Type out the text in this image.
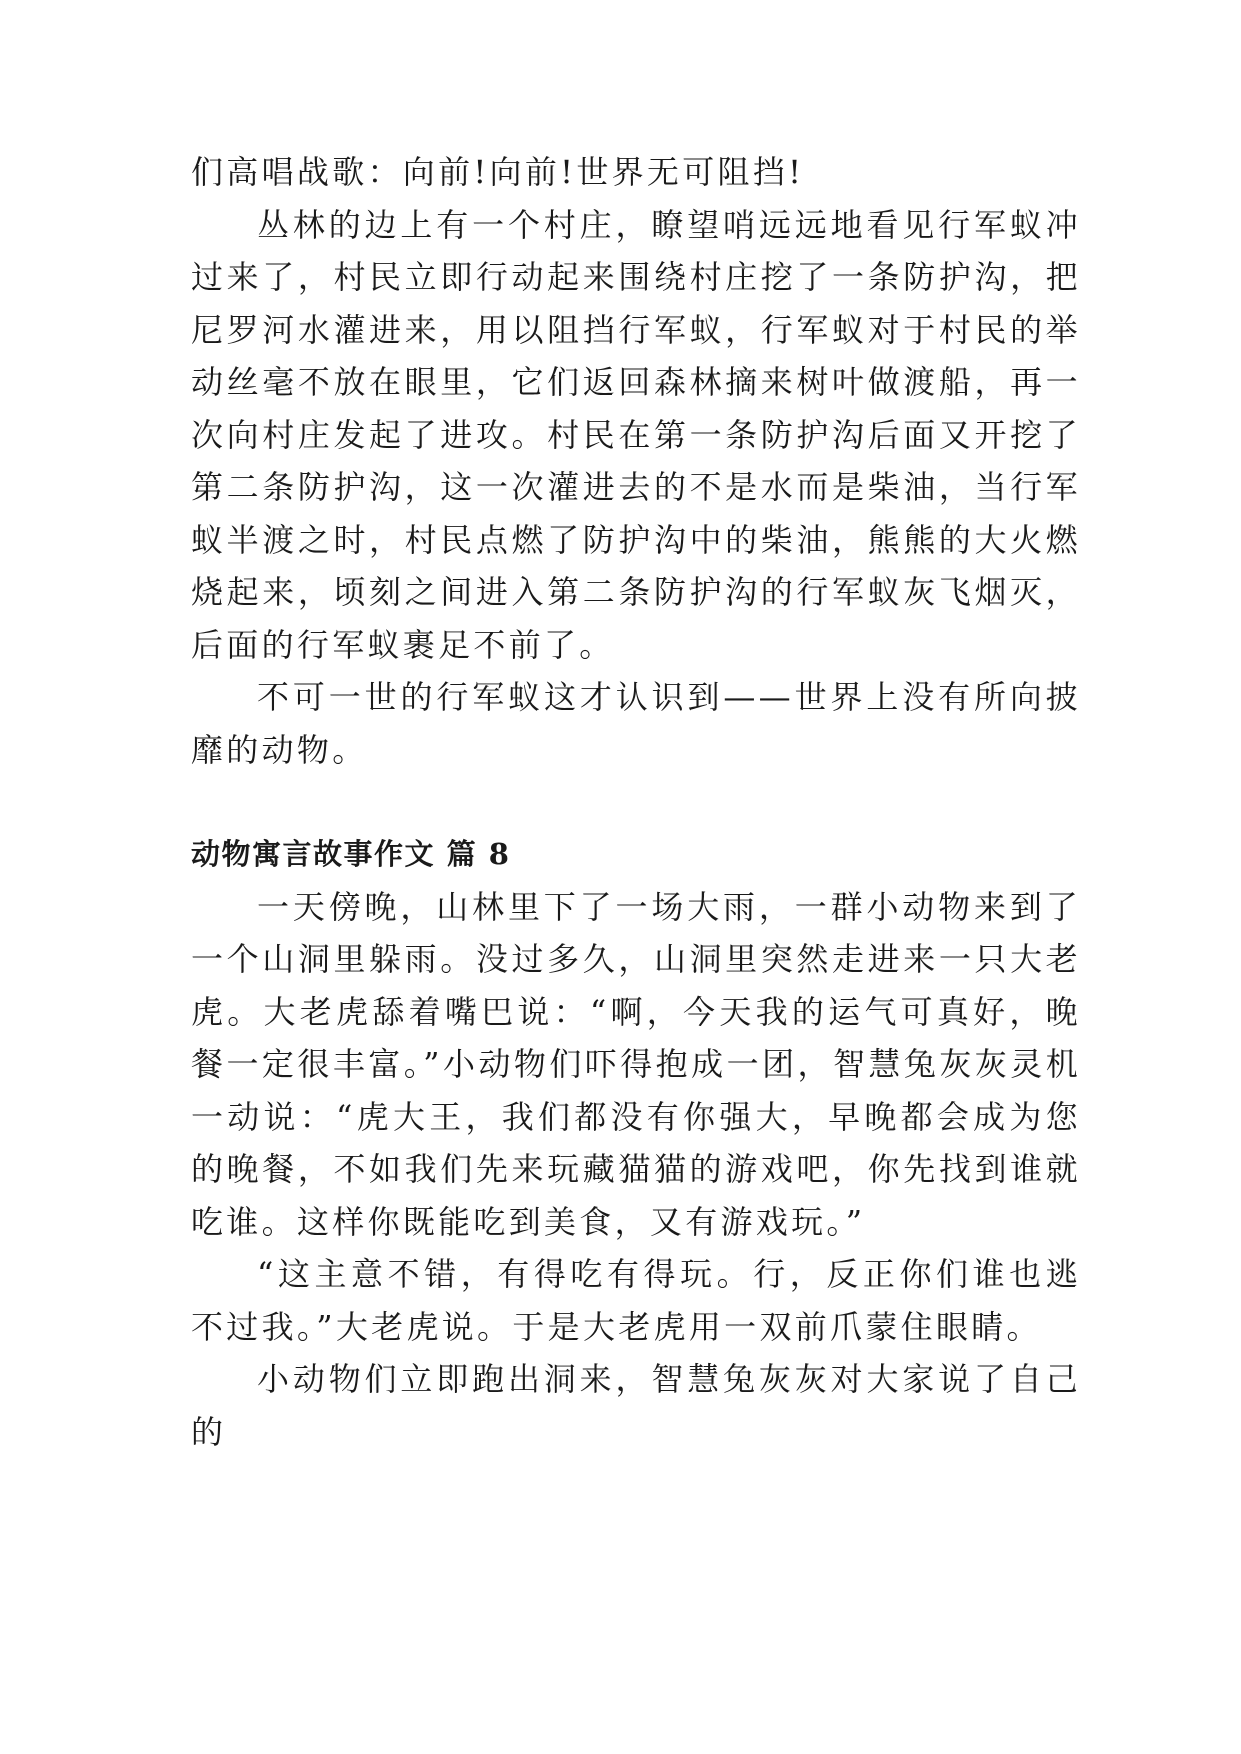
们高唱战歌：向前!向前!世界无可阻挡!

丛林的边上有一个村庄，瞭望哨远远地看见行军蚁冲过来了，村民立即行动起来围绕村庄挖了一条防护沟，把尼罗河水灌进来，用以阻挡行军蚁，行军蚁对于村民的举动丝毫不放在眼里，它们返回森林摘来树叶做渡船，再一次向村庄发起了进攻。村民在第一条防护沟后面又开挖了第二条防护沟，这一次灌进去的不是水而是柴油，当行军蚁半渡之时，村民点燃了防护沟中的柴油，熊熊的大火燃烧起来，顷刻之间进入第二条防护沟的行军蚁灰飞烟灭，后面的行军蚁裹足不前了。

不可一世的行军蚁这才认识到——世界上没有所向披靡的动物。

动物寓言故事作文 篇 8

一天傍晚，山林里下了一场大雨，一群小动物来到了一个山洞里躲雨。没过多久，山洞里突然走进来一只大老虎。大老虎舔着嘴巴说：“啊，今天我的运气可真好，晚餐一定很丰富。”小动物们吓得抱成一团，智慧兔灰灰灵机一动说：“虎大王，我们都没有你强大，早晚都会成为您的晚餐，不如我们先来玩藏猫猫的游戏吧，你先找到谁就吃谁。这样你既能吃到美食，又有游戏玩。”

“这主意不错，有得吃有得玩。行，反正你们谁也逃不过我。”大老虎说。于是大老虎用一双前爪蒙住眼睛。

小动物们立即跑出洞来，智慧兔灰灰对大家说了自己的
